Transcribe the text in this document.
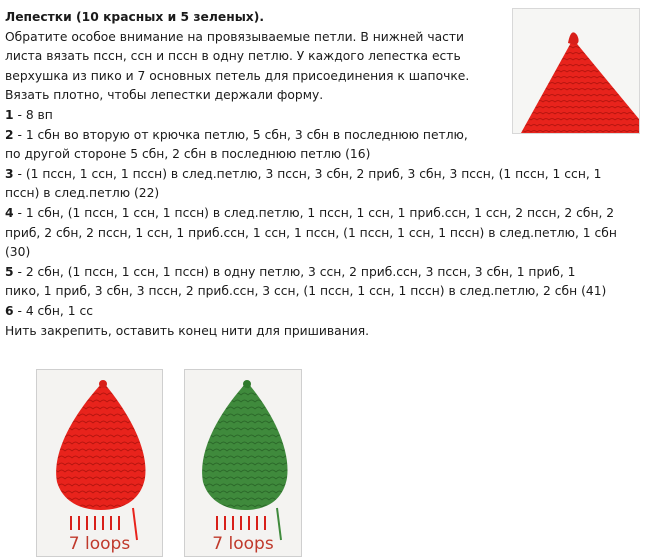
Лепестки (10 красных и 5 зеленых).

Обратите особое внимание на провязываемые петли. В нижней части

листа вязать псcн, ccн и псcн в одну петлю. У каждого лепестка есть

верхушка из пико и 7 основных петель для присоединения к шапочке.

Вязать плотно, чтобы лепестки держали форму.

1 - 8 вп

2 - 1 сбн во вторую от крючка петлю, 5 сбн, 3 сбн в последнюю петлю,

по другой стороне 5 сбн, 2 сбн в последнюю петлю (16)

3 - (1 псcн, 1 ссн, 1 псcн) в след.петлю, 3 псcн, 3 сбн, 2 приб, 3 сбн, 3 псcн, (1 псcн, 1 ссн, 1

псcн) в след.петлю (22)

4 - 1 сбн, (1 псcн, 1 ссн, 1 псcн) в след.петлю, 1 псcн, 1 ссн, 1 приб.ссн, 1 ссн, 2 псcн, 2 сбн, 2

приб, 2 сбн, 2 псcн, 1 ссн, 1 приб.ссн, 1 ссн, 1 псcн, (1 псcн, 1 ссн, 1 псcн) в след.петлю, 1 сбн

(30)

5 - 2 сбн, (1 псcн, 1 ссн, 1 псcн) в одну петлю, 3 ссн, 2 приб.ссн, 3 псcн, 3 сбн, 1 приб, 1

пико, 1 приб, 3 сбн, 3 псcн, 2 приб.ссн, 3 ссн, (1 псcн, 1 ссн, 1 псcн) в след.петлю, 2 сбн (41)

6 - 4 сбн, 1 сс

Нить закрепить, оставить конец нити для пришивания.

7 loops	7 loops
